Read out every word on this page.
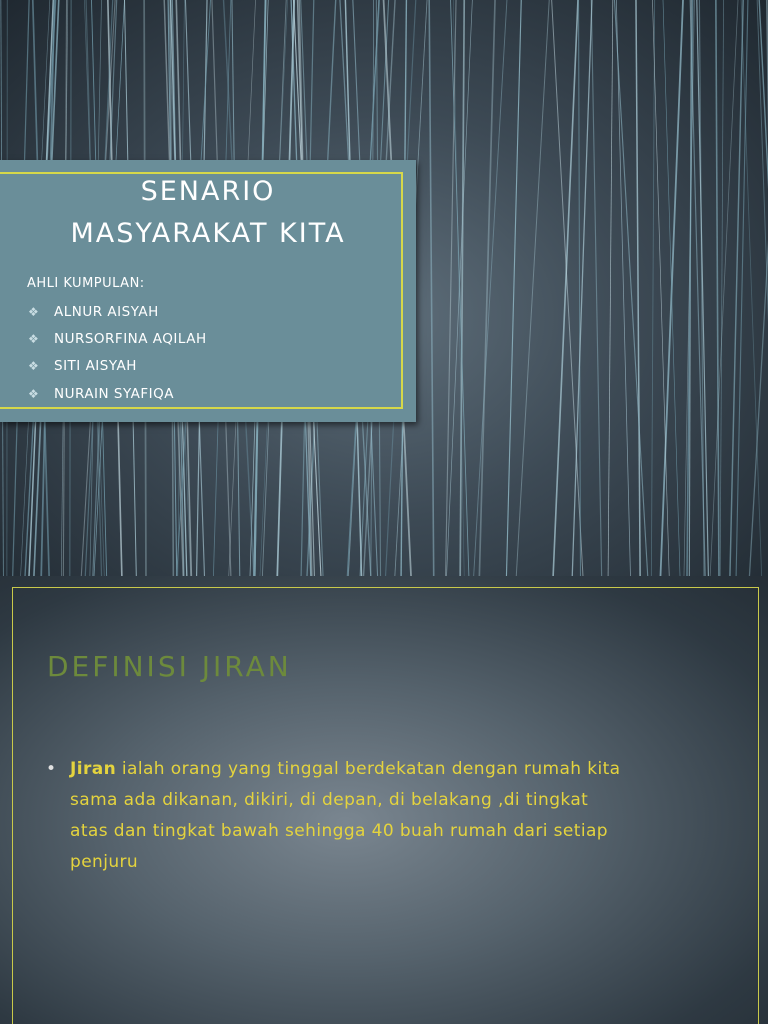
SENARIO
MASYARAKAT KITA
AHLI KUMPULAN:
❖ ALNUR AISYAH
❖ NURSORFINA AQILAH
❖ SITI AISYAH
❖ NURAIN SYAFIQA
DEFINISI JIRAN
• Jiran ialah orang yang tinggal berdekatan dengan rumah kita
sama ada dikanan, dikiri, di depan, di belakang ,di tingkat
atas dan tingkat bawah sehingga 40 buah rumah dari setiap
penjuru
